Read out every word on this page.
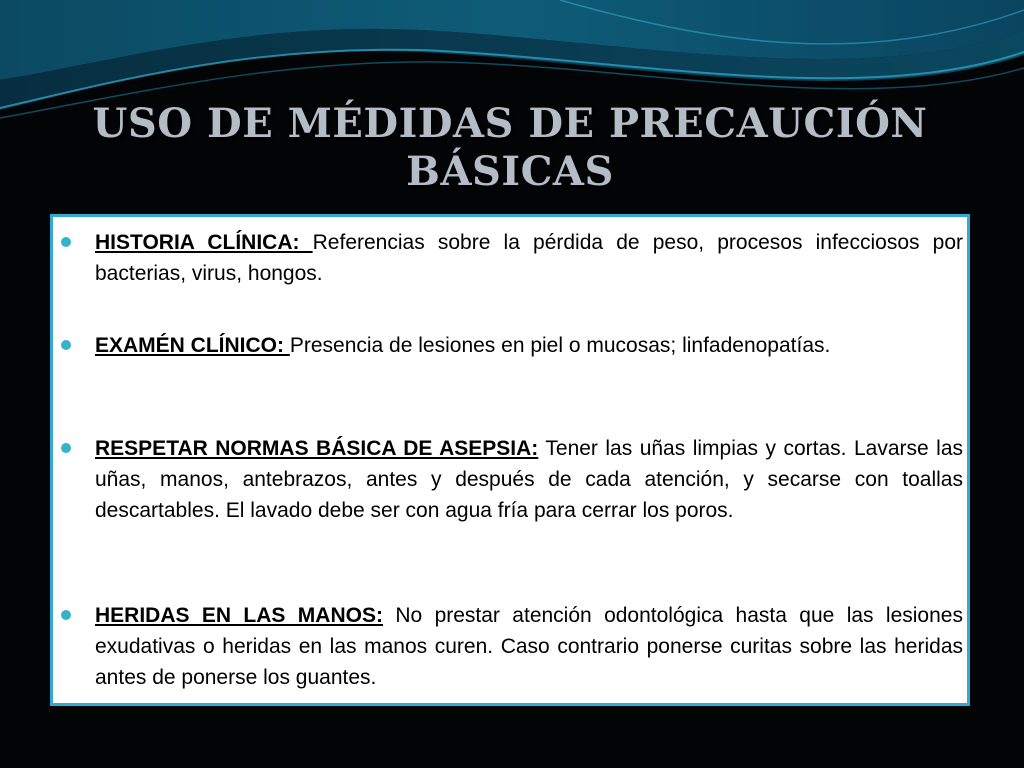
USO DE MÉDIDAS DE PRECAUCIÓN
BÁSICAS
HISTORIA CLÍNICA: Referencias sobre la pérdida de peso, procesos infecciosos por bacterias, virus, hongos.
EXAMÉN CLÍNICO: Presencia de lesiones en piel o mucosas; linfadenopatías.
RESPETAR NORMAS BÁSICA DE ASEPSIA: Tener las uñas limpias y cortas. Lavarse las uñas, manos, antebrazos, antes y después de cada atención, y secarse con toallas descartables. El lavado debe ser con agua fría para cerrar los poros.
HERIDAS EN LAS MANOS: No prestar atención odontológica hasta que las lesiones exudativas o heridas en las manos curen. Caso contrario ponerse curitas sobre las heridas antes de ponerse los guantes.
